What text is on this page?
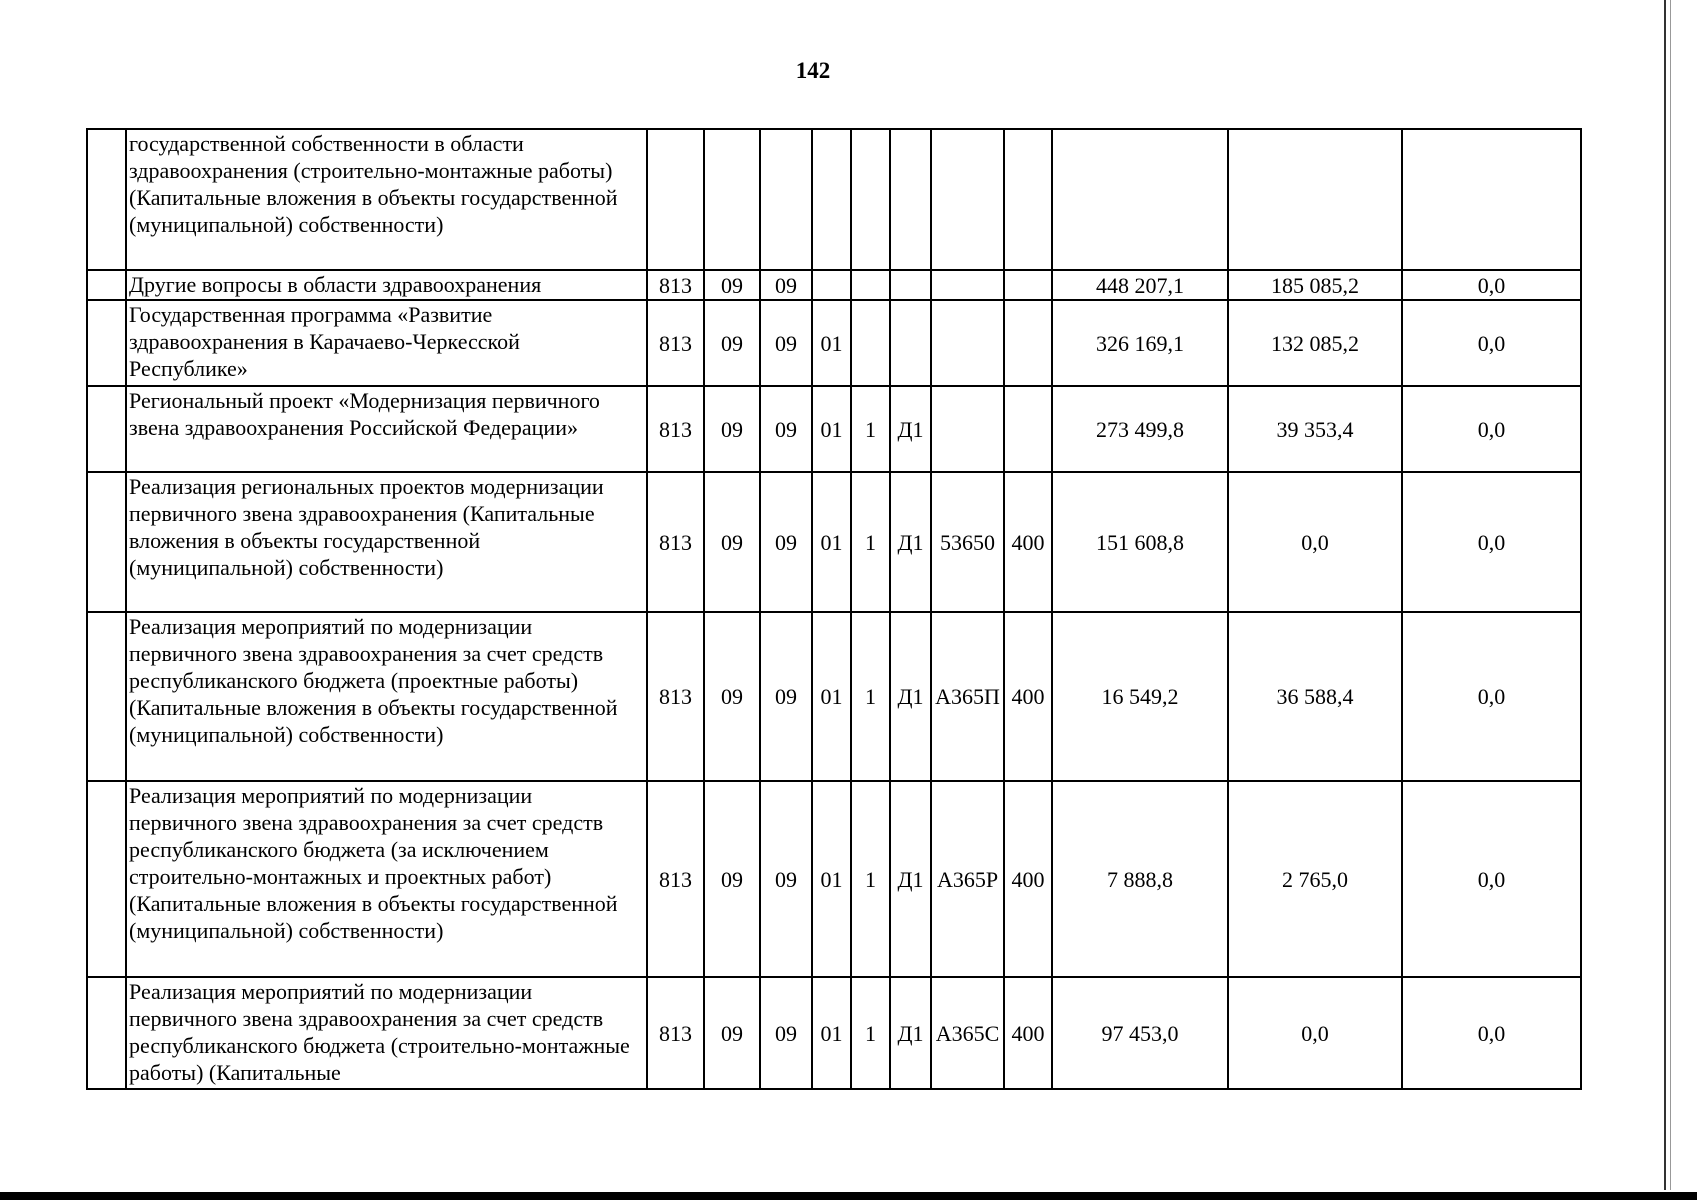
142
	государственной собственности в области здравоохранения (строительно-монтажные работы) (Капитальные вложения в объекты государственной (муниципальной) собственности)											
	Другие вопросы в области здравоохранения	813	09	09						448 207,1	185 085,2	0,0
	Государственная программа «Развитие здравоохранения в Карачаево-Черкесской Республике»	813	09	09	01					326 169,1	132 085,2	0,0
	Региональный проект «Модернизация первичного звена здравоохранения Российской Федерации»	813	09	09	01	1	Д1			273 499,8	39 353,4	0,0
	Реализация региональных проектов модернизации первичного звена здравоохранения (Капитальные вложения в объекты государственной (муниципальной) собственности)	813	09	09	01	1	Д1	53650	400	151 608,8	0,0	0,0
	Реализация мероприятий по модернизации первичного звена здравоохранения за счет средств республиканского бюджета (проектные работы) (Капитальные вложения в объекты государственной (муниципальной) собственности)	813	09	09	01	1	Д1	А365П	400	16 549,2	36 588,4	0,0
	Реализация мероприятий по модернизации первичного звена здравоохранения за счет средств республиканского бюджета (за исключением строительно-монтажных и проектных работ) (Капитальные вложения в объекты государственной (муниципальной) собственности)	813	09	09	01	1	Д1	А365Р	400	7 888,8	2 765,0	0,0
	Реализация мероприятий по модернизации первичного звена здравоохранения за счет средств республиканского бюджета (строительно-монтажные работы) (Капитальные	813	09	09	01	1	Д1	А365С	400	97 453,0	0,0	0,0
